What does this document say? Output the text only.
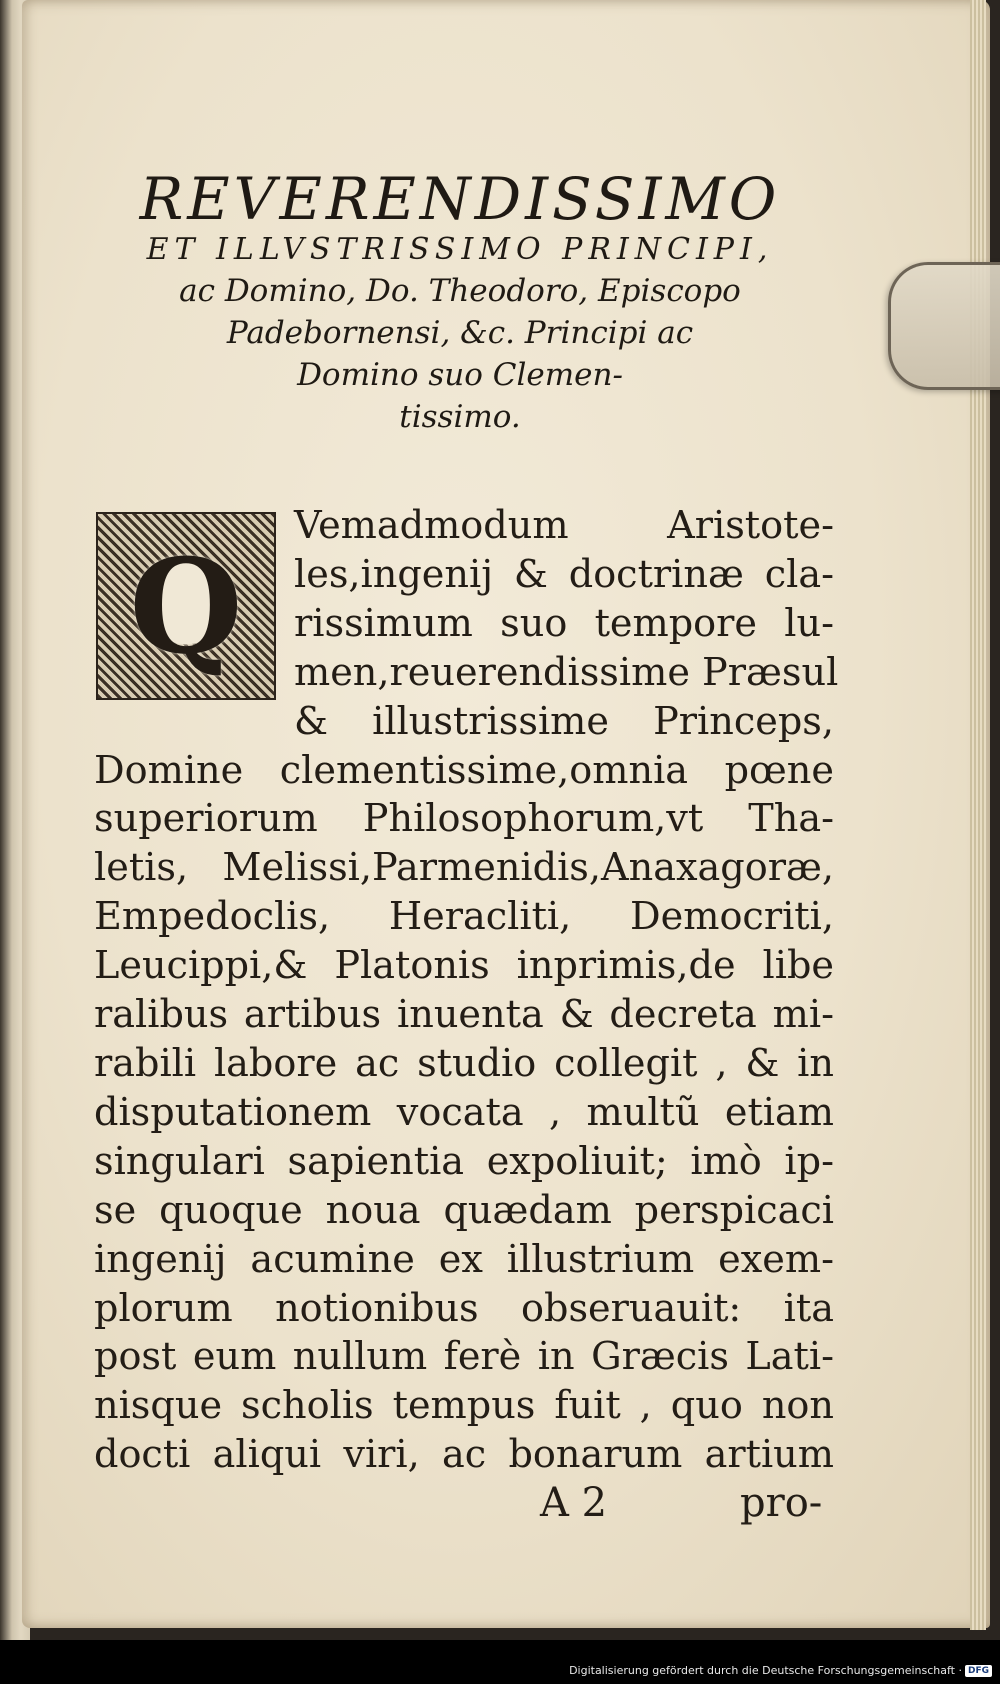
REVERENDISSIMO

ET ILLVSTRISSIMO PRINCIPI,

ac Domino, Do. Theodoro, Episcopo

Padebornensi, &c. Principi ac

Domino suo Clemen-

tissimo.

Q
Vemadmodum Aristote-
les,ingenij & doctrinæ cla-
rissimum suo tempore lu-
men,reuerendissime Præsul
& illustrissime Princeps,
Domine clementissime,omnia pœne
superiorum Philosophorum,vt Tha-
letis, Melissi,Parmenidis,Anaxagoræ,
Empedoclis, Heracliti, Democriti,
Leucippi,& Platonis inprimis,de libe
ralibus artibus inuenta & decreta mi-
rabili labore ac studio collegit , & in
disputationem vocata , multũ etiam
singulari sapientia expoliuit; imò ip-
se quoque noua quædam perspicaci
ingenij acumine ex illustrium exem-
plorum notionibus obseruauit: ita
post eum nullum ferè in Græcis Lati-
nisque scholis tempus fuit , quo non
docti aliqui viri, ac bonarum artium
A 2	pro-
Digitalisierung gefördert durch die Deutsche Forschungsgemeinschaft · DFG
